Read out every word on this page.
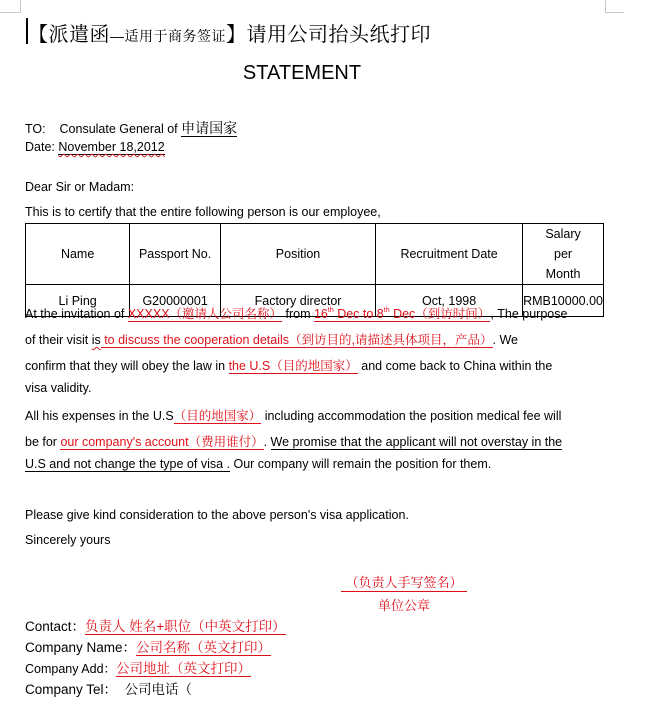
【派遣函—适用于商务签证】请用公司抬头纸打印
STATEMENT
TO: Consulate General of 申请国家
Date: November 18,2012
Dear Sir or Madam:
This is to certify that the entire following person is our employee,
Name	Passport No.	Position	Recruitment Date	Salary per Month
Li Ping	G20000001	Factory director	Oct, 1998	RMB10000.00
At the invitation of XXXXX（邀请人公司名称） from 16th Dec to 8th Dec（到访时间）, The purpose
of their visit is to discuss the cooperation details（到访目的,请描述具体项目，产品）. We
confirm that they will obey the law in the U.S（目的地国家） and come back to China within the
visa validity.
All his expenses in the U.S（目的地国家） including accommodation the position medical fee will
be for our company's account（费用谁付）. We promise that the applicant will not overstay in the
U.S and not change the type of visa . Our company will remain the position for them.
Please give kind consideration to the above person's visa application.
Sincerely yours
（负责人手写签名）
单位公章
Contact：负责人 姓名+职位（中英文打印）
Company Name：公司名称（英文打印）
Company Add：公司地址（英文打印）
Company Tel： 公司电话（
